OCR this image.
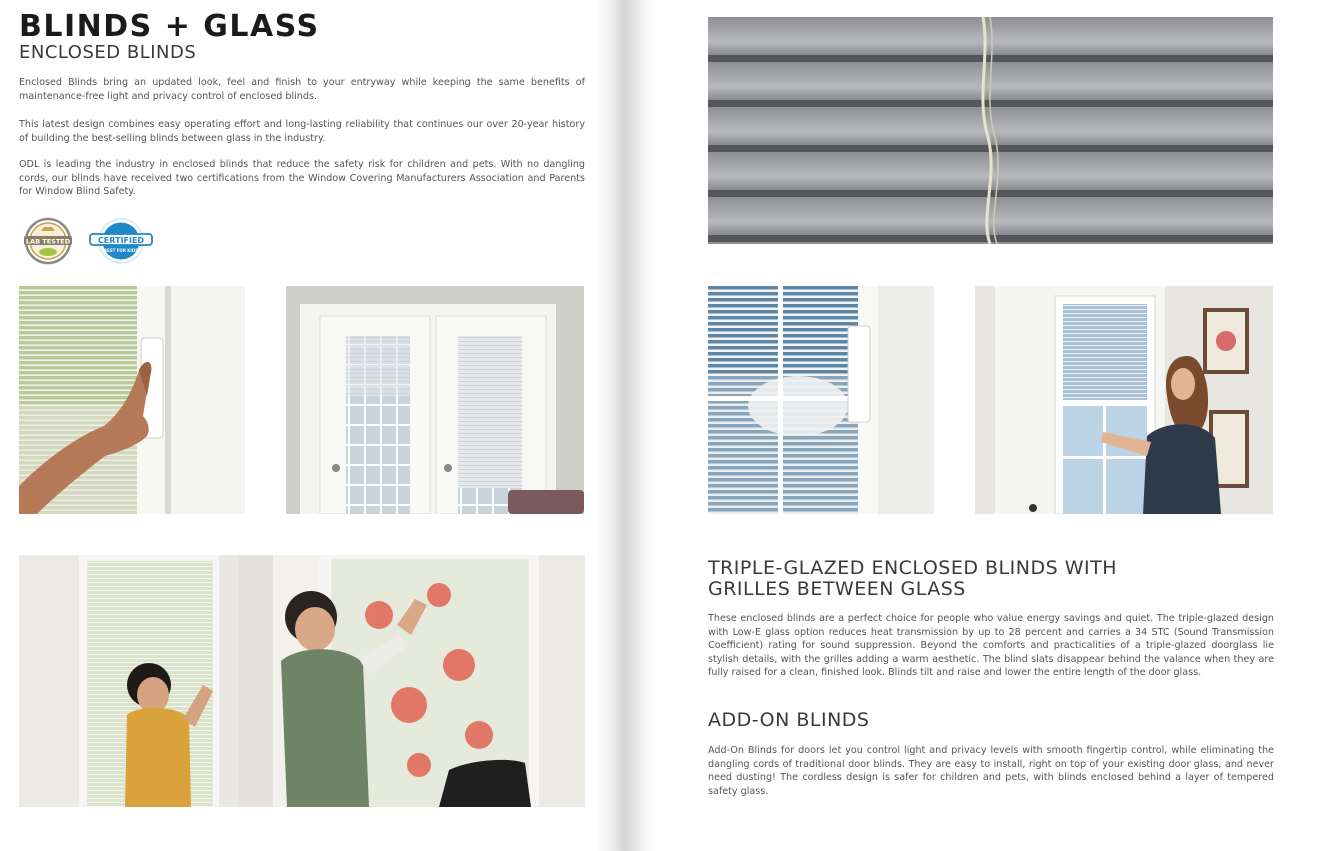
BLINDS + GLASS
ENCLOSED BLINDS

Enclosed Blinds bring an updated look, feel and finish to your entryway while keeping the same benefits of maintenance-free light and privacy control of enclosed blinds.

This latest design combines easy operating effort and long-lasting reliability that continues our over 20-year history of building the best-selling blinds between glass in the industry.

ODL is leading the industry in enclosed blinds that reduce the safety risk for children and pets. With no dangling cords, our blinds have received two certifications from the Window Covering Manufacturers Association and Parents for Window Blind Safety.

LAB TESTED	CERTIFIED
BEST FOR KIDS
TRIPLE-GLAZED ENCLOSED BLINDS WITH
GRILLES BETWEEN GLASS

These enclosed blinds are a perfect choice for people who value energy savings and quiet. The triple-glazed design with Low-E glass option reduces heat transmission by up to 28 percent and carries a 34 STC (Sound Transmission Coefficient) rating for sound suppression. Beyond the comforts and practicalities of a triple-glazed doorglass lie stylish details, with the grilles adding a warm aesthetic. The blind slats disappear behind the valance when they are fully raised for a clean, finished look. Blinds tilt and raise and lower the entire length of the door glass.

ADD-ON BLINDS

Add-On Blinds for doors let you control light and privacy levels with smooth fingertip control, while eliminating the dangling cords of traditional door blinds. They are easy to install, right on top of your existing door glass, and never need dusting! The cordless design is safer for children and pets, with blinds enclosed behind a layer of tempered safety glass.
